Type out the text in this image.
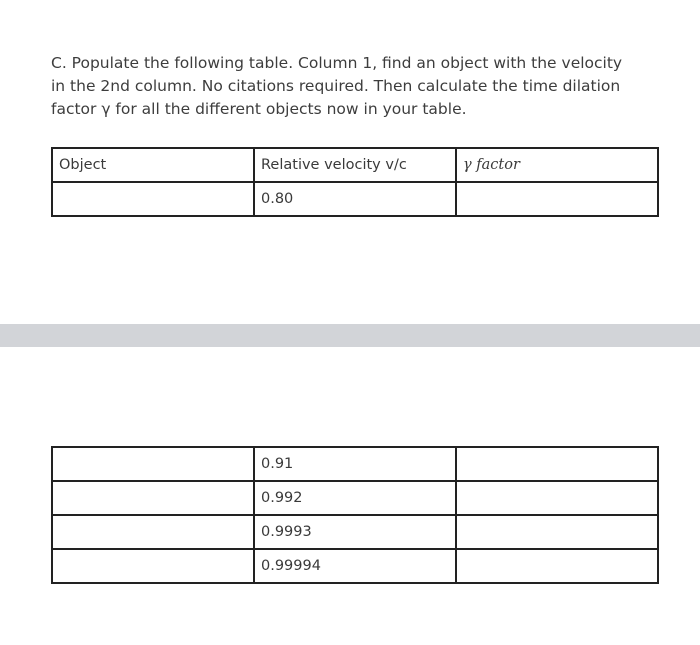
C. Populate the following table. Column 1, find an object with the velocity
in the 2nd column. No citations required. Then calculate the time dilation
factor γ for all the different objects now in your table.

Object	Relative velocity v/c	γ factor
	0.80	
	0.91	
	0.992	
	0.9993	
	0.99994	
